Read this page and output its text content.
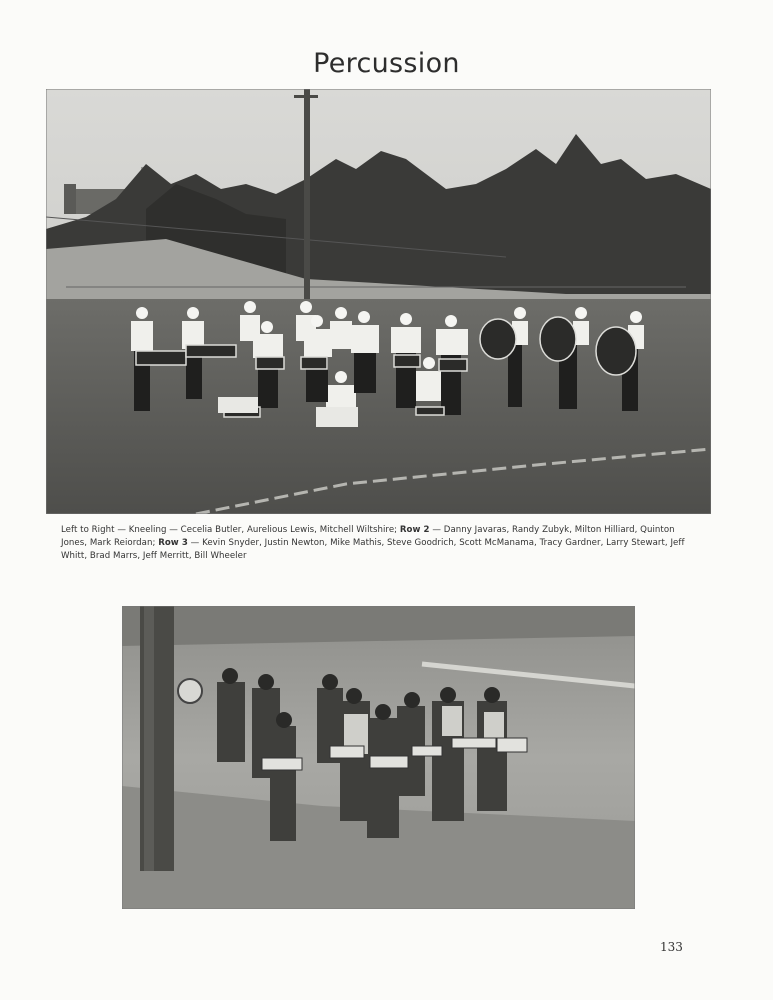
Percussion
Left to Right — Kneeling — Cecelia Butler, Aurelious Lewis, Mitchell Wiltshire; Row 2 — Danny Javaras, Randy Zubyk, Milton Hilliard, Quinton Jones, Mark Reiordan; Row 3 — Kevin Snyder, Justin Newton, Mike Mathis, Steve Goodrich, Scott McManama, Tracy Gardner, Larry Stewart, Jeff Whitt, Brad Marrs, Jeff Merritt, Bill Wheeler
133
